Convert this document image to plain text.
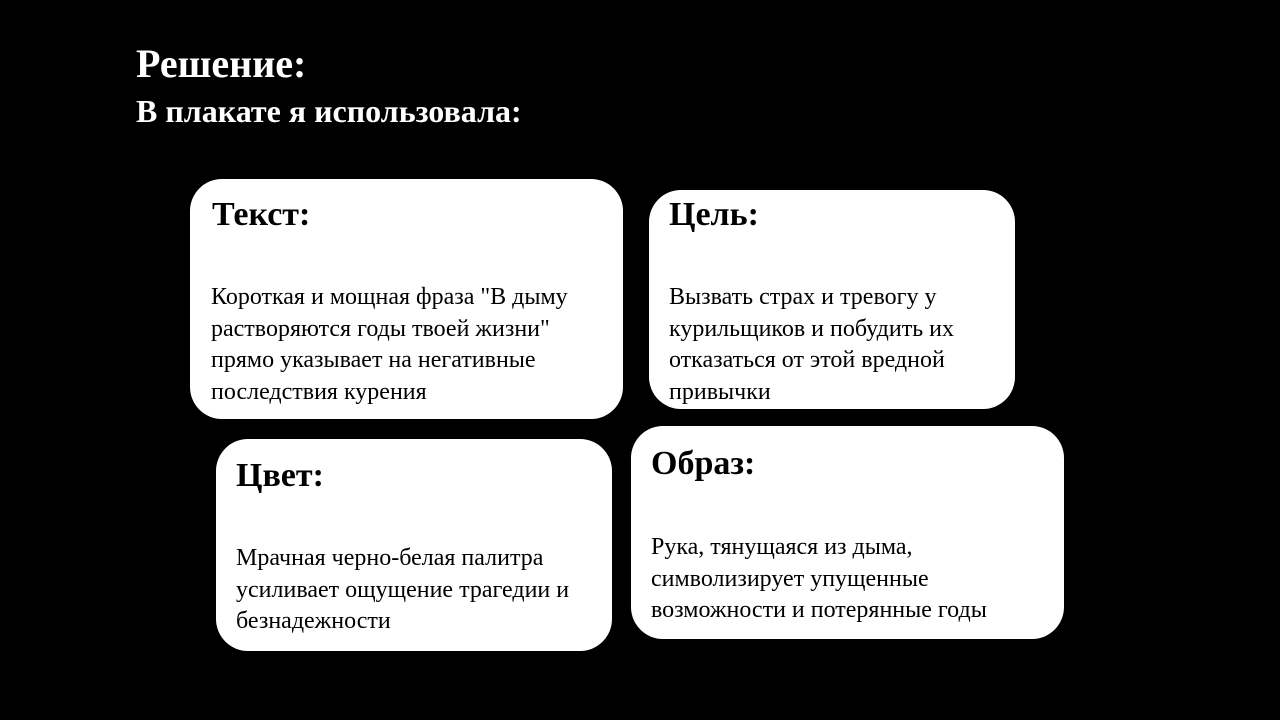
Решение:
В плакате я использовала:
Текст:

Короткая и мощная фраза "В дыму растворяются годы твоей жизни" прямо указывает на негативные последствия курения

Цель:

Вызвать страх и тревогу у курильщиков и побудить их отказаться от этой вредной привычки

Цвет:

Мрачная черно-белая палитра усиливает ощущение трагедии и безнадежности

Образ:

Рука, тянущаяся из дыма, символизирует упущенные возможности и потерянные годы
